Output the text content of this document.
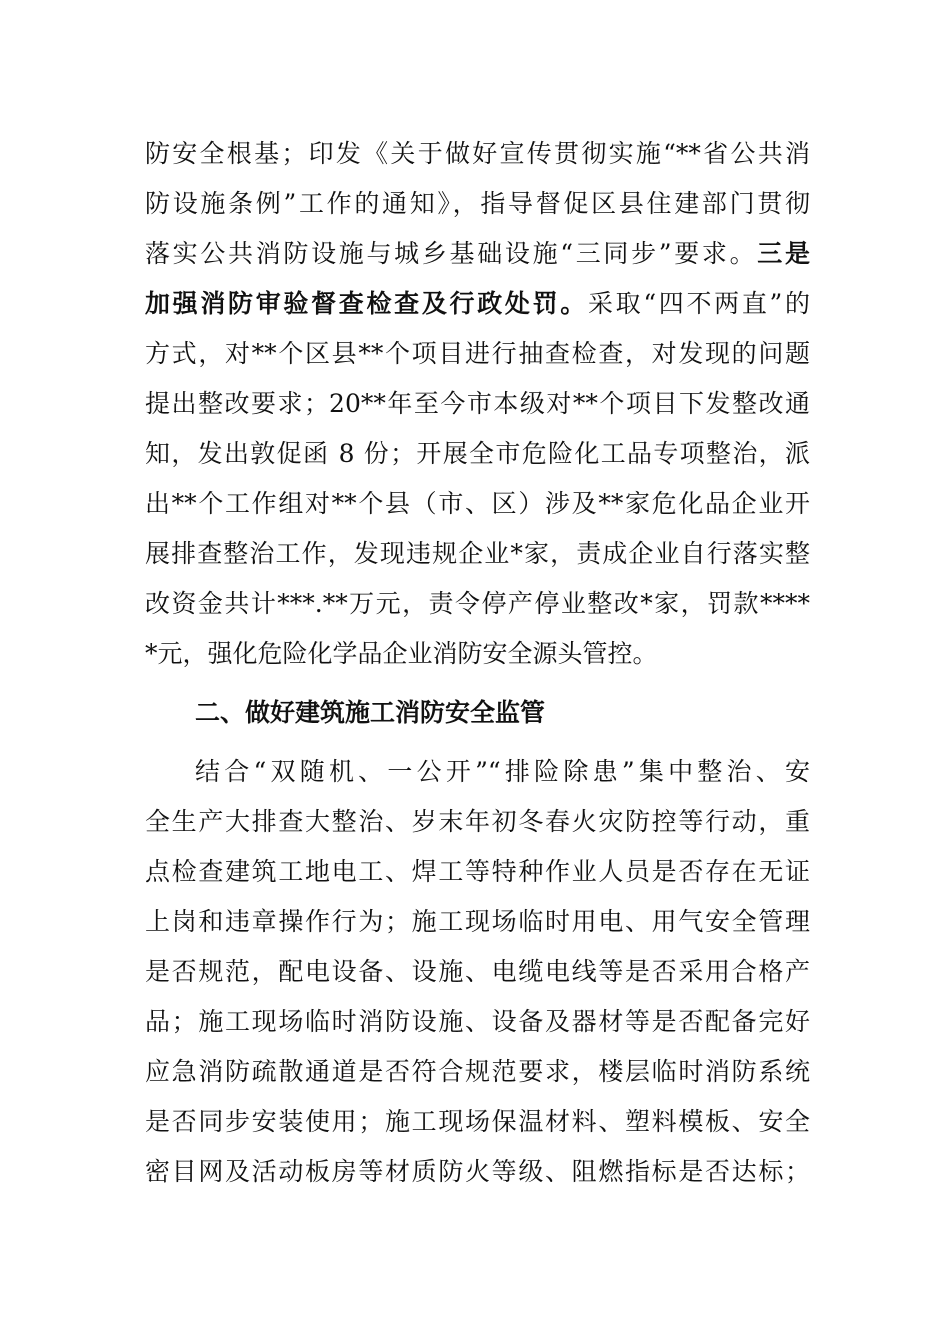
防安全根基；印发《关于做好宣传贯彻实施“**省公共消
防设施条例”工作的通知》，指导督促区县住建部门贯彻
落实公共消防设施与城乡基础设施“三同步”要求。三是
加强消防审验督查检查及行政处罚。采取“四不两直”的
方式，对**个区县**个项目进行抽查检查，对发现的问题
提出整改要求；20**年至今市本级对**个项目下发整改通
知，发出敦促函 8 份；开展全市危险化工品专项整治，派
出**个工作组对**个县（市、区）涉及**家危化品企业开
展排查整治工作，发现违规企业*家，责成企业自行落实整
改资金共计***.**万元，责令停产停业整改*家，罚款****
*元，强化危险化学品企业消防安全源头管控。
二、做好建筑施工消防安全监管
结合“双随机、一公开”“排险除患”集中整治、安
全生产大排查大整治、岁末年初冬春火灾防控等行动，重
点检查建筑工地电工、焊工等特种作业人员是否存在无证
上岗和违章操作行为；施工现场临时用电、用气安全管理
是否规范，配电设备、设施、电缆电线等是否采用合格产
品；施工现场临时消防设施、设备及器材等是否配备完好
应急消防疏散通道是否符合规范要求，楼层临时消防系统
是否同步安装使用；施工现场保温材料、塑料模板、安全
密目网及活动板房等材质防火等级、阻燃指标是否达标；
